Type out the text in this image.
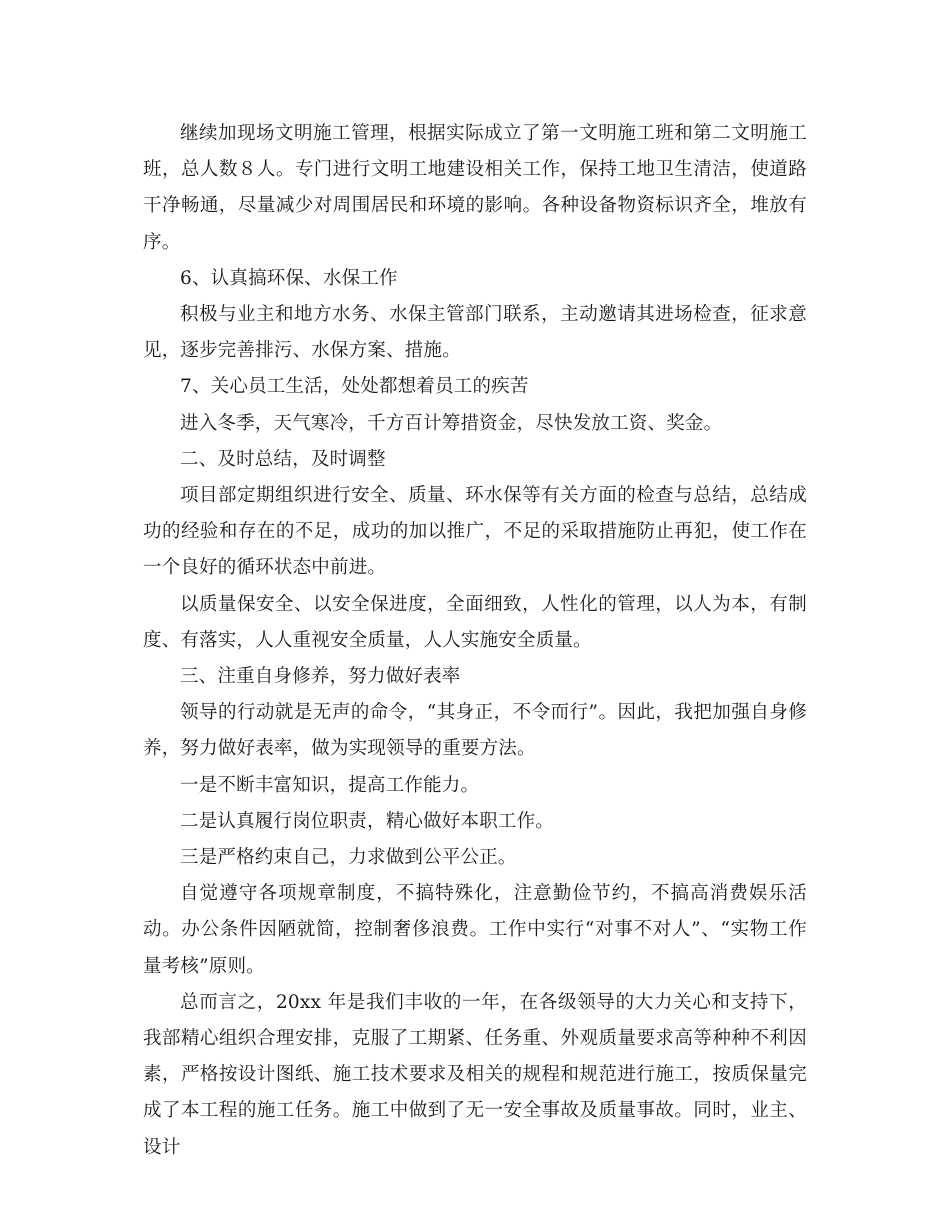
继续加现场文明施工管理，根据实际成立了第一文明施工班和第二文明施工班，总人数８人。专门进行文明工地建设相关工作，保持工地卫生清洁，使道路干净畅通，尽量减少对周围居民和环境的影响。各种设备物资标识齐全，堆放有序。

6、认真搞环保、水保工作

积极与业主和地方水务、水保主管部门联系，主动邀请其进场检查，征求意见，逐步完善排污、水保方案、措施。

7、关心员工生活，处处都想着员工的疾苦

进入冬季，天气寒冷，千方百计筹措资金，尽快发放工资、奖金。

二、及时总结，及时调整

项目部定期组织进行安全、质量、环水保等有关方面的检查与总结，总结成功的经验和存在的不足，成功的加以推广，不足的采取措施防止再犯，使工作在一个良好的循环状态中前进。

以质量保安全、以安全保进度，全面细致，人性化的管理，以人为本，有制度、有落实，人人重视安全质量，人人实施安全质量。

三、注重自身修养，努力做好表率

领导的行动就是无声的命令，“其身正，不令而行”。因此，我把加强自身修养，努力做好表率，做为实现领导的重要方法。

一是不断丰富知识，提高工作能力。

二是认真履行岗位职责，精心做好本职工作。

三是严格约束自己，力求做到公平公正。

自觉遵守各项规章制度，不搞特殊化，注意勤俭节约，不搞高消费娱乐活动。办公条件因陋就简，控制奢侈浪费。工作中实行“对事不对人”、“实物工作量考核”原则。

总而言之，20xx 年是我们丰收的一年，在各级领导的大力关心和支持下，我部精心组织合理安排，克服了工期紧、任务重、外观质量要求高等种种不利因素，严格按设计图纸、施工技术要求及相关的规程和规范进行施工，按质保量完成了本工程的施工任务。施工中做到了无一安全事故及质量事故。同时，业主、设计
